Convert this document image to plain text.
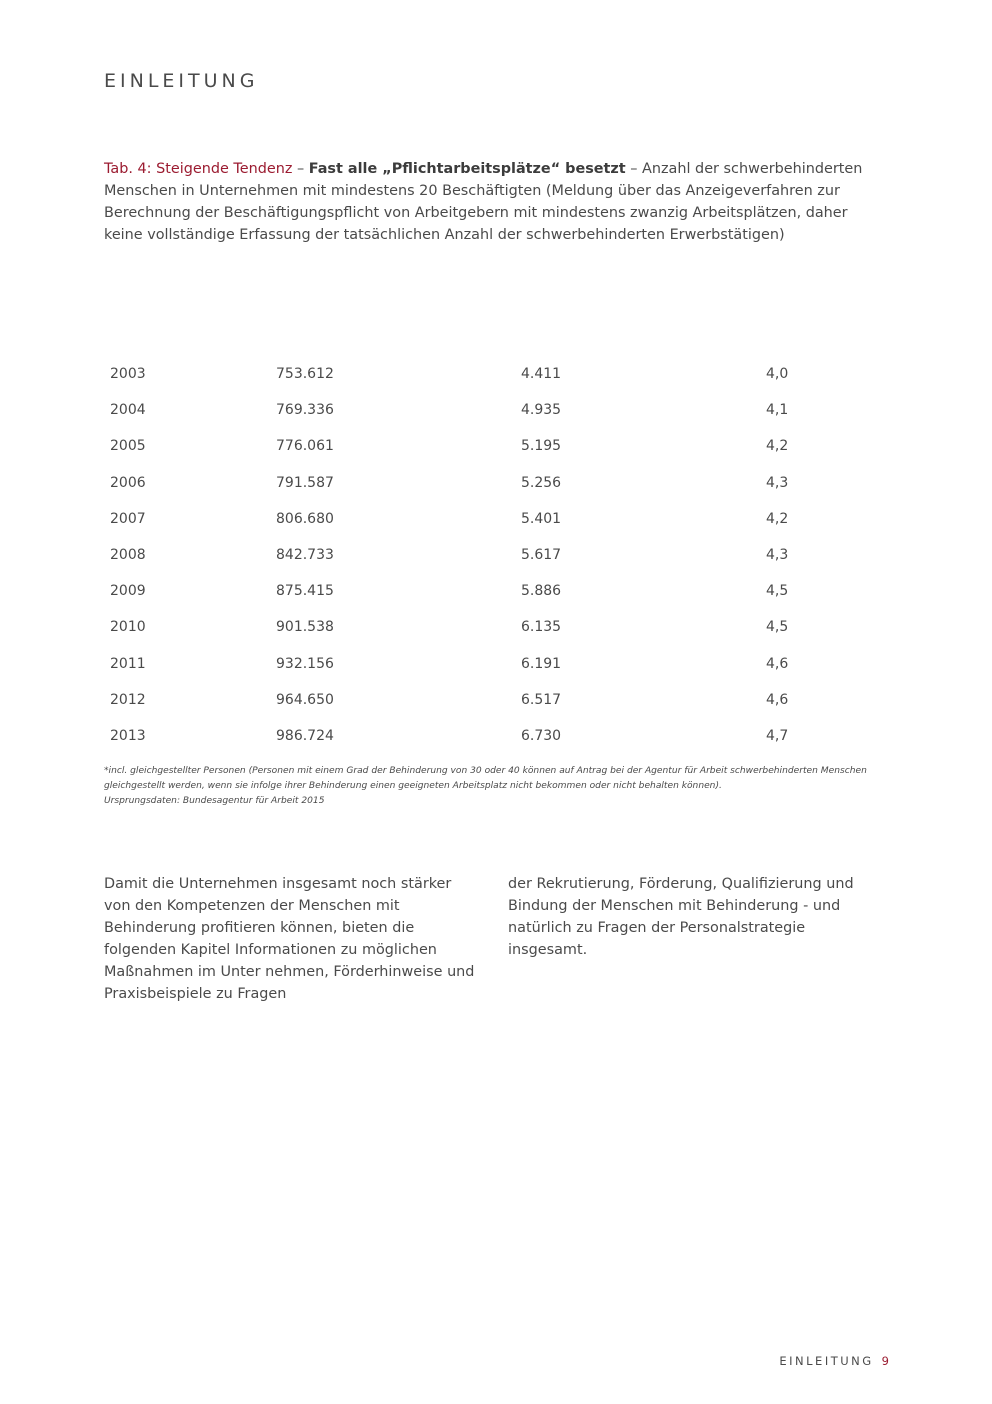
EINLEITUNG
Tab. 4: Steigende Tendenz – Fast alle „Pflichtarbeitsplätze“ besetzt – Anzahl der schwerbehinderten Menschen in Unternehmen mit mindestens 20 Beschäftigten (Meldung über das Anzeigeverfahren zur Berechnung der Beschäftigungspflicht von Arbeitgebern mit mindestens zwanzig Arbeitsplätzen, daher keine vollständige Erfassung der tatsächlichen Anzahl der schwerbehinderten Erwerbstätigen)
2003	753.612	4.411	4,0
2004	769.336	4.935	4,1
2005	776.061	5.195	4,2
2006	791.587	5.256	4,3
2007	806.680	5.401	4,2
2008	842.733	5.617	4,3
2009	875.415	5.886	4,5
2010	901.538	6.135	4,5
2011	932.156	6.191	4,6
2012	964.650	6.517	4,6
2013	986.724	6.730	4,7
*incl. gleichgestellter Personen (Personen mit einem Grad der Behinderung von 30 oder 40 können auf Antrag bei der Agentur für Arbeit schwerbehinderten Menschen gleichgestellt werden, wenn sie infolge ihrer Behinderung einen geeigneten Arbeitsplatz nicht bekommen oder nicht behalten können).
Ursprungsdaten: Bundesagentur für Arbeit 2015
Damit die Unternehmen insgesamt noch stärker von den Kompetenzen der Menschen mit Behinderung profitieren können, bieten die folgenden Kapitel Informationen zu möglichen Maßnahmen im Unter nehmen, Förderhinweise und Praxisbeispiele zu Fragen
der Rekrutierung, Förderung, Qualifizierung und Bindung der Menschen mit Behinderung - und natürlich zu Fragen der Personalstrategie insgesamt.
EINLEITUNG 9
